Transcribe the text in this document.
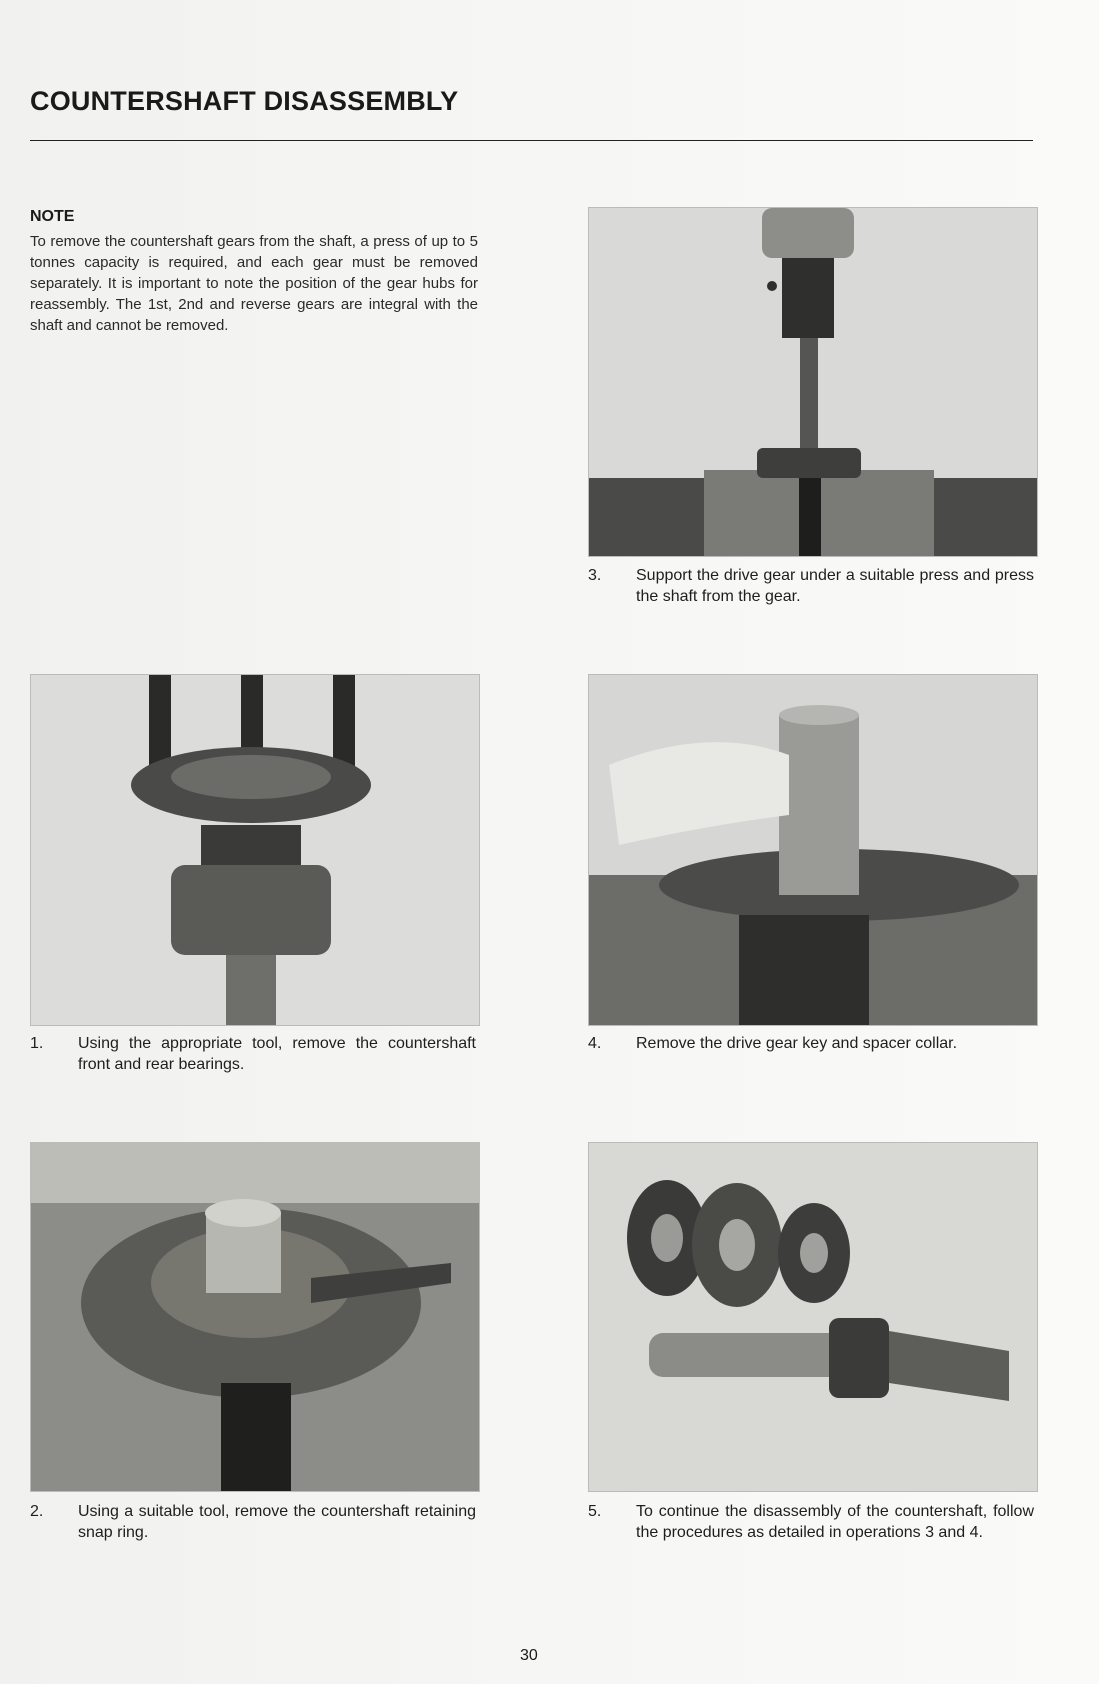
COUNTERSHAFT DISASSEMBLY
NOTE
To remove the countershaft gears from the shaft, a press of up to 5 tonnes capacity is required, and each gear must be removed separately. It is important to note the position of the gear hubs for reassembly. The 1st, 2nd and reverse gears are integral with the shaft and cannot be removed.
3. Support the drive gear under a suitable press and press the shaft from the gear.
1. Using the appropriate tool, remove the countershaft front and rear bearings.
4. Remove the drive gear key and spacer collar.
2. Using a suitable tool, remove the countershaft retaining snap ring.
5. To continue the disassembly of the countershaft, follow the procedures as detailed in operations 3 and 4.
30
